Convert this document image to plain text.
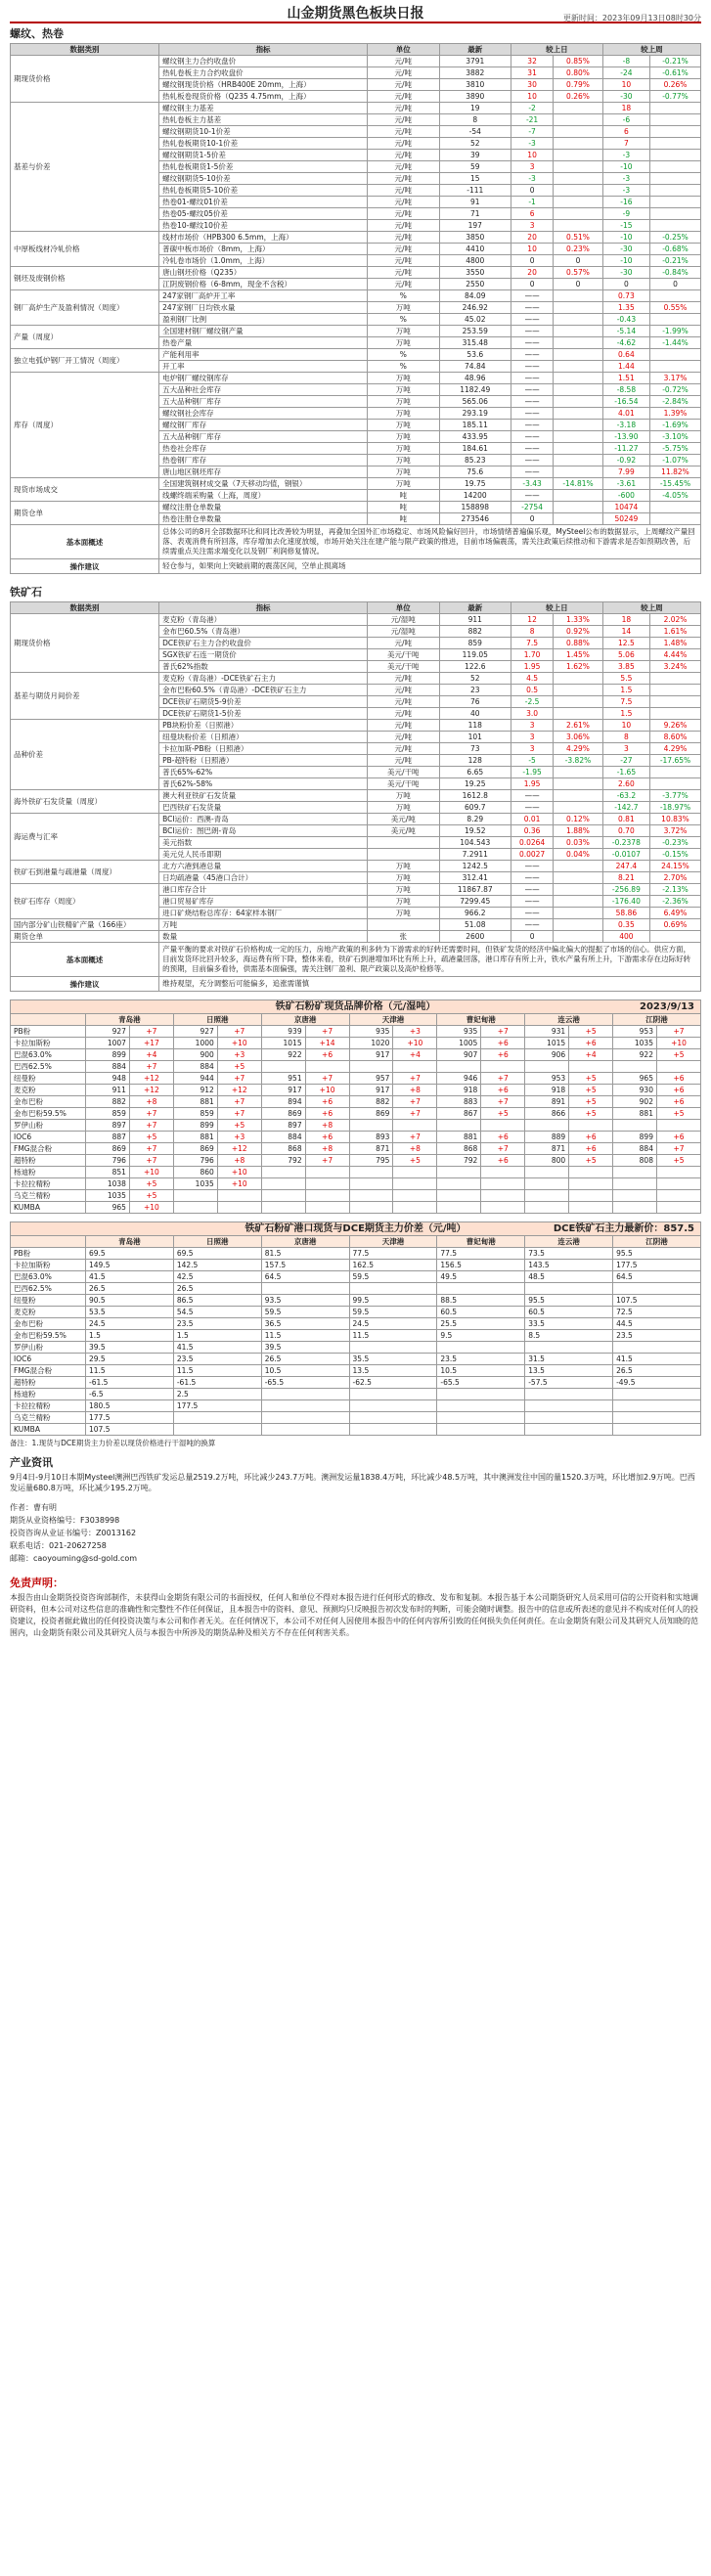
山金期货黑色板块日报	更新时间：2023年09月13日08时30分
螺纹、热卷
数据类别	指标	单位	最新	较上日		较上周	
期现货价格	螺纹钢主力合约收盘价	元/吨	3791	32	0.85%	-8	-0.21%
	热轧卷板主力合约收盘价	元/吨	3882	31	0.80%	-24	-0.61%
	螺纹钢现货价格（HRB400E 20mm，上海）	元/吨	3810	30	0.79%	10	0.26%
	热轧板卷现货价格（Q235 4.75mm，上海）	元/吨	3890	10	0.26%	-30	-0.77%
基差与价差	螺纹钢主力基差	元/吨	19	-2		18	
	热轧卷板主力基差	元/吨	8	-21		-6	
	螺纹钢期货10-1价差	元/吨	-54	-7		6	
	热轧卷板期货10-1价差	元/吨	52	-3		7	
	螺纹钢期货1-5价差	元/吨	39	10		-3	
	热轧卷板期货1-5价差	元/吨	59	3		-10	
	螺纹钢期货5-10价差	元/吨	15	-3		-3	
	热轧卷板期货5-10价差	元/吨	-111	0		-3	
	热卷01-螺纹01价差	元/吨	91	-1		-16	
	热卷05-螺纹05价差	元/吨	71	6		-9	
	热卷10-螺纹10价差	元/吨	197	3		-15	
中厚板线材冷轧价格	线材市场价（HPB300 6.5mm，上海）	元/吨	3850	20	0.51%	-10	-0.25%
	普碳中板市场价（8mm，上海）	元/吨	4410	10	0.23%	-30	-0.68%
	冷轧卷市场价（1.0mm，上海）	元/吨	4800	0	0	-10	-0.21%
钢坯及废钢价格	唐山钢坯价格（Q235）	元/吨	3550	20	0.57%	-30	-0.84%
	江阴废钢价格（6-8mm，现金不含税）	元/吨	2550	0	0	0	0
钢厂高炉生产及盈利情况（周度）	247家钢厂高炉开工率	%	84.09	——		0.73	
	247家钢厂日均铁水量	万吨	246.92	——		1.35	0.55%
	盈利钢厂比例	%	45.02	——		-0.43	
产量（周度）	全国建材钢厂螺纹钢产量	万吨	253.59	——		-5.14	-1.99%
	热卷产量	万吨	315.48	——		-4.62	-1.44%
独立电弧炉钢厂开工情况（周度）	产能利用率	%	53.6	——		0.64	
	开工率	%	74.84	——		1.44	
库存（周度）	电炉钢厂螺纹钢库存	万吨	48.96	——		1.51	3.17%
	五大品种社会库存	万吨	1182.49	——		-8.58	-0.72%
	五大品种钢厂库存	万吨	565.06	——		-16.54	-2.84%
	螺纹钢社会库存	万吨	293.19	——		4.01	1.39%
	螺纹钢厂库存	万吨	185.11	——		-3.18	-1.69%
	五大品种钢厂库存	万吨	433.95	——		-13.90	-3.10%
	热卷社会库存	万吨	184.61	——		-11.27	-5.75%
	热卷钢厂库存	万吨	85.23	——		-0.92	-1.07%
	唐山地区钢坯库存	万吨	75.6	——		7.99	11.82%
现货市场成交	全国建筑钢材成交量（7天移动均值，钢银）	万吨	19.75	-3.43	-14.81%	-3.61	-15.45%
	线螺终端采购量（上海，周度）	吨	14200	——		-600	-4.05%
期货仓单	螺纹注册仓单数量	吨	158898	-2754		10474	
	热卷注册仓单数量	吨	273546	0		50249	
基本面概述	总体公司的8月全部数据环比和同比改善较为明显，再叠加全国外汇市场稳定、市场风险偏好回升，市场情绪普遍偏乐观，MySteel公布的数据显示，上周螺纹产量回落、表观消费有所回落，库存增加去化速度放缓，市场开始关注在建产能与限产政策的推进，目前市场偏震荡，需关注政策后续推动和下游需求是否如预期改善，后续需重点关注需求端变化以及钢厂利润修复情况。						
操作建议	轻仓参与，如果向上突破前期的震荡区间，空单止损离场						
铁矿石
数据类别	指标	单位	最新	较上日		较上周	
期现货价格	麦克粉（青岛港）	元/湿吨	911	12	1.33%	18	2.02%
	金布巴60.5%（青岛港）	元/湿吨	882	8	0.92%	14	1.61%
	DCE铁矿石主力合约收盘价	元/吨	859	7.5	0.88%	12.5	1.48%
	SGX铁矿石连一期货价	美元/干吨	119.05	1.70	1.45%	5.06	4.44%
	普氏62%指数	美元/干吨	122.6	1.95	1.62%	3.85	3.24%
基差与期货月间价差	麦克粉（青岛港）-DCE铁矿石主力	元/吨	52	4.5		5.5	
	金布巴粉60.5%（青岛港）-DCE铁矿石主力	元/吨	23	0.5		1.5	
	DCE铁矿石期货5-9价差	元/吨	76	-2.5		7.5	
	DCE铁矿石期货1-5价差	元/吨	40	3.0		1.5	
品种价差	PB块粉价差（日照港）	元/吨	118	3	2.61%	10	9.26%
	纽曼块粉价差（日照港）	元/吨	101	3	3.06%	8	8.60%
	卡拉加斯-PB粉（日照港）	元/吨	73	3	4.29%	3	4.29%
	PB-超特粉（日照港）	元/吨	128	-5	-3.82%	-27	-17.65%
	普氏65%-62%	美元/干吨	6.65	-1.95		-1.65	
	普氏62%-58%	美元/干吨	19.25	1.95		2.60	
海外铁矿石发货量（周度）	澳大利亚铁矿石发货量	万吨	1612.8	——		-63.2	-3.77%
	巴西铁矿石发货量	万吨	609.7	——		-142.7	-18.97%
海运费与汇率	BCI运价：西澳-青岛	美元/吨	8.29	0.01	0.12%	0.81	10.83%
	BCI运价：图巴朗-青岛	美元/吨	19.52	0.36	1.88%	0.70	3.72%
	美元指数		104.543	0.0264	0.03%	-0.2378	-0.23%
	美元兑人民币即期		7.2911	0.0027	0.04%	-0.0107	-0.15%
铁矿石到港量与疏港量（周度）	北方六港到港总量	万吨	1242.5	——		247.4	24.15%
	日均疏港量（45港口合计）	万吨	312.41	——		8.21	2.70%
铁矿石库存（周度）	港口库存合计	万吨	11867.87	——		-256.89	-2.13%
	港口贸易矿库存	万吨	7299.45	——		-176.40	-2.36%
	进口矿烧结粉总库存：64家样本钢厂	万吨	966.2	——		58.86	6.49%
国内部分矿山铁精矿产量（166座）	万吨		51.08	——		0.35	0.69%
期货仓单	数量	张	2600	0		400	
基本面概述	产量平衡的要求对铁矿石价格构成一定的压力，房地产政策的利多转为下游需求的好转还需要时间，但铁矿发货的经济中偏北偏大的提振了市场的信心。供应方面，目前发货环比回升较多，海运费有所下降，整体来看，铁矿石到港增加环比有所上升，疏港量回落，港口库存有所上升，铁水产量有所上升，下游需求存在边际好转的预期，目前偏多看待，供需基本面偏强，需关注钢厂盈利、限产政策以及高炉检修等。						
操作建议	维持观望，充分调整后可能偏多，追涨需谨慎						
铁矿石粉矿现货品牌价格（元/湿吨）	2023/9/13
	青岛港		日照港		京唐港		天津港		曹妃甸港		连云港		江阴港	
PB粉	927	+7	927	+7	939	+7	935	+3	935	+7	931	+5	953	+7
卡拉加斯粉	1007	+17	1000	+10	1015	+14	1020	+10	1005	+6	1015	+6	1035	+10
巴混63.0%	899	+4	900	+3	922	+6	917	+4	907	+6	906	+4	922	+5
巴西62.5%	884	+7	884	+5										
纽曼粉	948	+12	944	+7	951	+7	957	+7	946	+7	953	+5	965	+6
麦克粉	911	+12	912	+12	917	+10	917	+8	918	+6	918	+5	930	+6
金布巴粉	882	+8	881	+7	894	+6	882	+7	883	+7	891	+5	902	+6
金布巴粉59.5%	859	+7	859	+7	869	+6	869	+7	867	+5	866	+5	881	+5
罗伊山粉	897	+7	899	+5	897	+8								
IOC6	887	+5	881	+3	884	+6	893	+7	881	+6	889	+6	899	+6
FMG混合粉	869	+7	869	+12	868	+8	871	+8	868	+7	871	+6	884	+7
超特粉	796	+7	796	+8	792	+7	795	+5	792	+6	800	+5	808	+5
杨迪粉	851	+10	860	+10										
卡拉拉精粉	1038	+5	1035	+10										
乌克兰精粉	1035	+5												
KUMBA	965	+10												
铁矿石粉矿港口现货与DCE期货主力价差（元/吨）	DCE铁矿石主力最新价：857.5
	青岛港	日照港	京唐港	天津港	曹妃甸港	连云港	江阴港
PB粉	69.5	69.5	81.5	77.5	77.5	73.5	95.5
卡拉加斯粉	149.5	142.5	157.5	162.5	156.5	143.5	177.5
巴混63.0%	41.5	42.5	64.5	59.5	49.5	48.5	64.5
巴西62.5%	26.5	26.5					
纽曼粉	90.5	86.5	93.5	99.5	88.5	95.5	107.5
麦克粉	53.5	54.5	59.5	59.5	60.5	60.5	72.5
金布巴粉	24.5	23.5	36.5	24.5	25.5	33.5	44.5
金布巴粉59.5%	1.5	1.5	11.5	11.5	9.5	8.5	23.5
罗伊山粉	39.5	41.5	39.5				
IOC6	29.5	23.5	26.5	35.5	23.5	31.5	41.5
FMG混合粉	11.5	11.5	10.5	13.5	10.5	13.5	26.5
超特粉	-61.5	-61.5	-65.5	-62.5	-65.5	-57.5	-49.5
杨迪粉	-6.5	2.5					
卡拉拉精粉	180.5	177.5					
乌克兰精粉	177.5						
KUMBA	107.5						
备注：1.现货与DCE期货主力价差以现货价格进行干湿吨的换算
产业资讯
9月4日-9月10日本期Mysteel澳洲巴西铁矿发运总量2519.2万吨，环比减少243.7万吨。澳洲发运量1838.4万吨，环比减少48.5万吨，其中澳洲发往中国的量1520.3万吨，环比增加2.9万吨。巴西发运量680.8万吨，环比减少195.2万吨。
作者：曹有明
期货从业资格编号：F3038998
投资咨询从业证书编号：Z0013162
联系电话：021-20627258
邮箱：caoyouming@sd-gold.com
免责声明：
本报告由山金期货投资咨询部制作，未获得山金期货有限公司的书面授权，任何人和单位不得对本报告进行任何形式的修改、发布和复制。本报告基于本公司期货研究人员采用可信的公开资料和实地调研资料，但本公司对这些信息的准确性和完整性不作任何保证，且本报告中的资料、意见、预测均只反映报告初次发布时的判断，可能会随时调整。报告中的信息或所表述的意见并不构成对任何人的投资建议，投资者据此做出的任何投资决策与本公司和作者无关。在任何情况下，本公司不对任何人因使用本报告中的任何内容所引致的任何损失负任何责任。在山金期货有限公司及其研究人员知晓的范围内，山金期货有限公司及其研究人员与本报告中所涉及的期货品种及相关方不存在任何利害关系。
